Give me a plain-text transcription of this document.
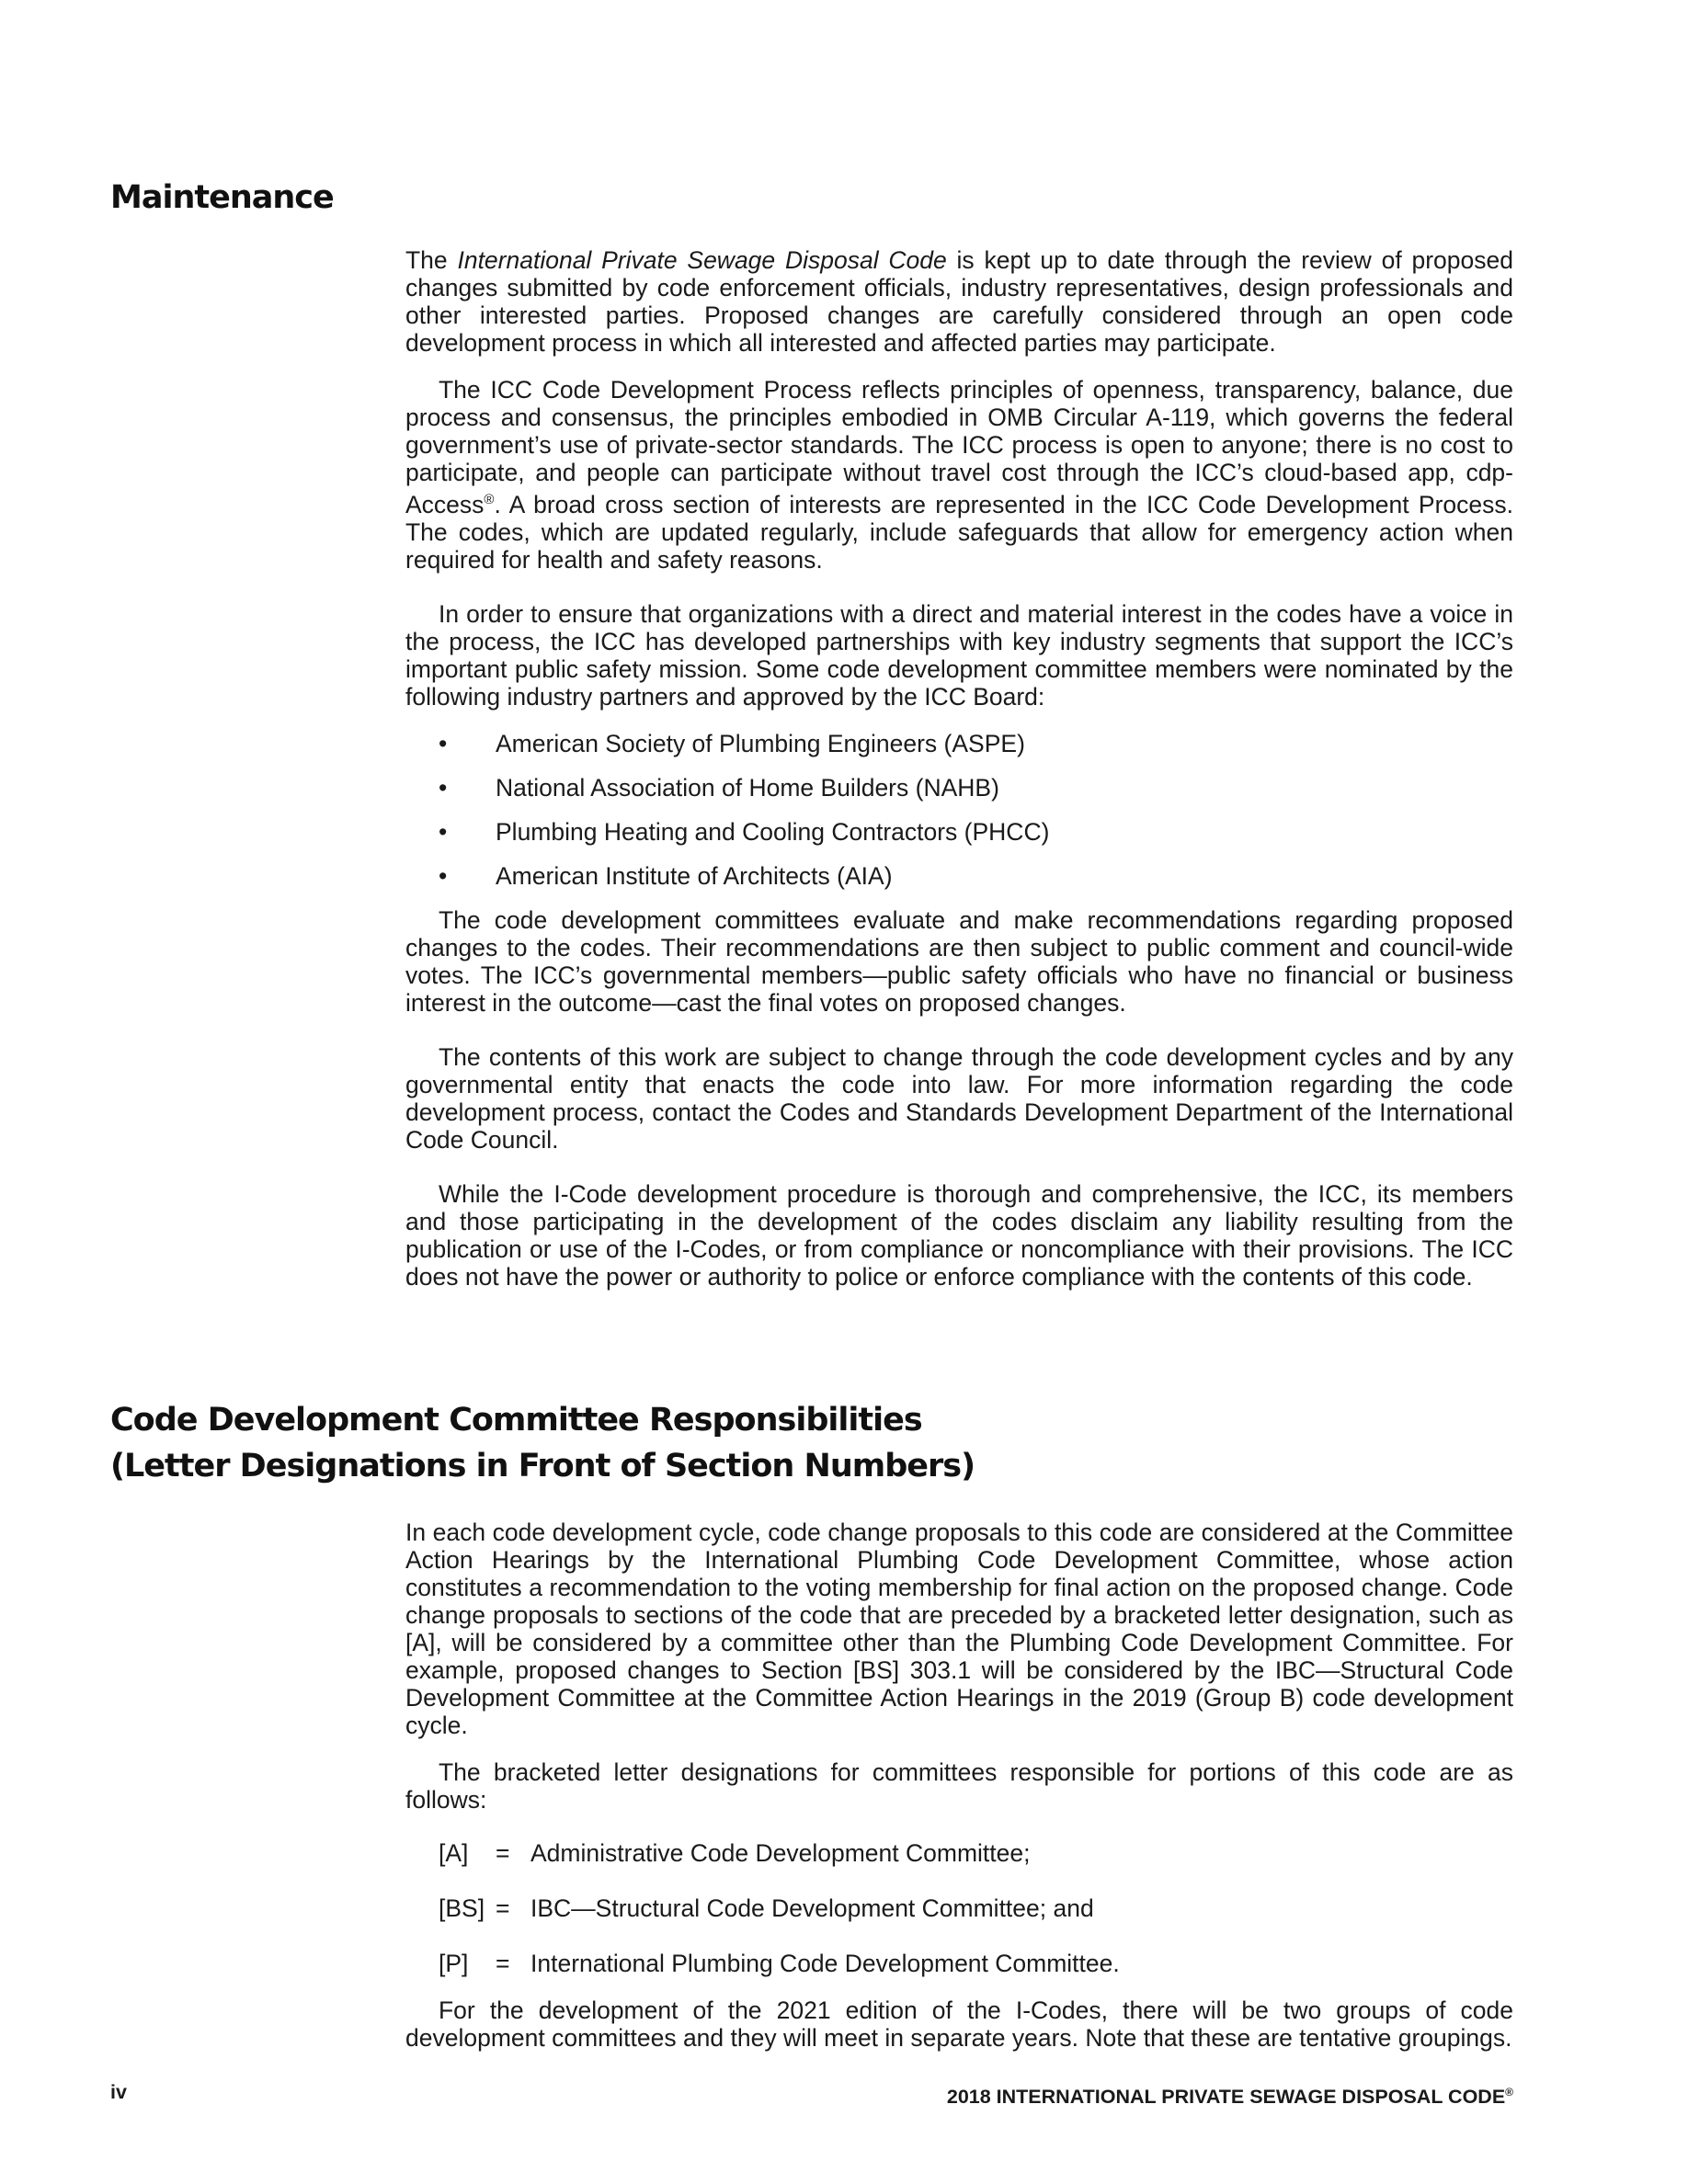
Maintenance

The International Private Sewage Disposal Code is kept up to date through the review of proposed changes submitted by code enforcement officials, industry representatives, design professionals and other interested parties. Proposed changes are carefully considered through an open code development process in which all interested and affected parties may participate.

The ICC Code Development Process reflects principles of openness, transparency, balance, due process and consensus, the principles embodied in OMB Circular A-119, which governs the federal government’s use of private-sector standards. The ICC process is open to anyone; there is no cost to participate, and people can participate without travel cost through the ICC’s cloud-based app, cdp-Access®. A broad cross section of interests are represented in the ICC Code Development Process. The codes, which are updated regularly, include safeguards that allow for emergency action when required for health and safety reasons.

In order to ensure that organizations with a direct and material interest in the codes have a voice in the process, the ICC has developed partnerships with key industry segments that support the ICC’s important public safety mission. Some code development committee members were nominated by the following industry partners and approved by the ICC Board:

• American Society of Plumbing Engineers (ASPE)
• National Association of Home Builders (NAHB)
• Plumbing Heating and Cooling Contractors (PHCC)
• American Institute of Architects (AIA)

The code development committees evaluate and make recommendations regarding proposed changes to the codes. Their recommendations are then subject to public comment and council-wide votes. The ICC’s governmental members—public safety officials who have no financial or business interest in the outcome—cast the final votes on proposed changes.

The contents of this work are subject to change through the code development cycles and by any governmental entity that enacts the code into law. For more information regarding the code development process, contact the Codes and Standards Development Department of the International Code Council.

While the I-Code development procedure is thorough and comprehensive, the ICC, its members and those participating in the development of the codes disclaim any liability resulting from the publication or use of the I-Codes, or from compliance or noncompliance with their provisions. The ICC does not have the power or authority to police or enforce compliance with the contents of this code.

Code Development Committee Responsibilities
(Letter Designations in Front of Section Numbers)

In each code development cycle, code change proposals to this code are considered at the Committee Action Hearings by the International Plumbing Code Development Committee, whose action constitutes a recommendation to the voting membership for final action on the proposed change. Code change proposals to sections of the code that are preceded by a bracketed letter designation, such as [A], will be considered by a committee other than the Plumbing Code Development Committee. For example, proposed changes to Section [BS] 303.1 will be considered by the IBC—Structural Code Development Committee at the Committee Action Hearings in the 2019 (Group B) code development cycle.

The bracketed letter designations for committees responsible for portions of this code are as follows:

[A]	= Administrative Code Development Committee;
[BS] = IBC—Structural Code Development Committee; and
[P]	= International Plumbing Code Development Committee.

For the development of the 2021 edition of the I-Codes, there will be two groups of code development committees and they will meet in separate years. Note that these are tentative groupings.

iv	2018 INTERNATIONAL PRIVATE SEWAGE DISPOSAL CODE®
